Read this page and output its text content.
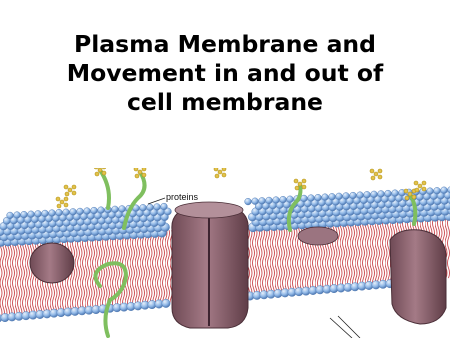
Plasma Membrane and
Movement in and out of
cell membrane
proteins
